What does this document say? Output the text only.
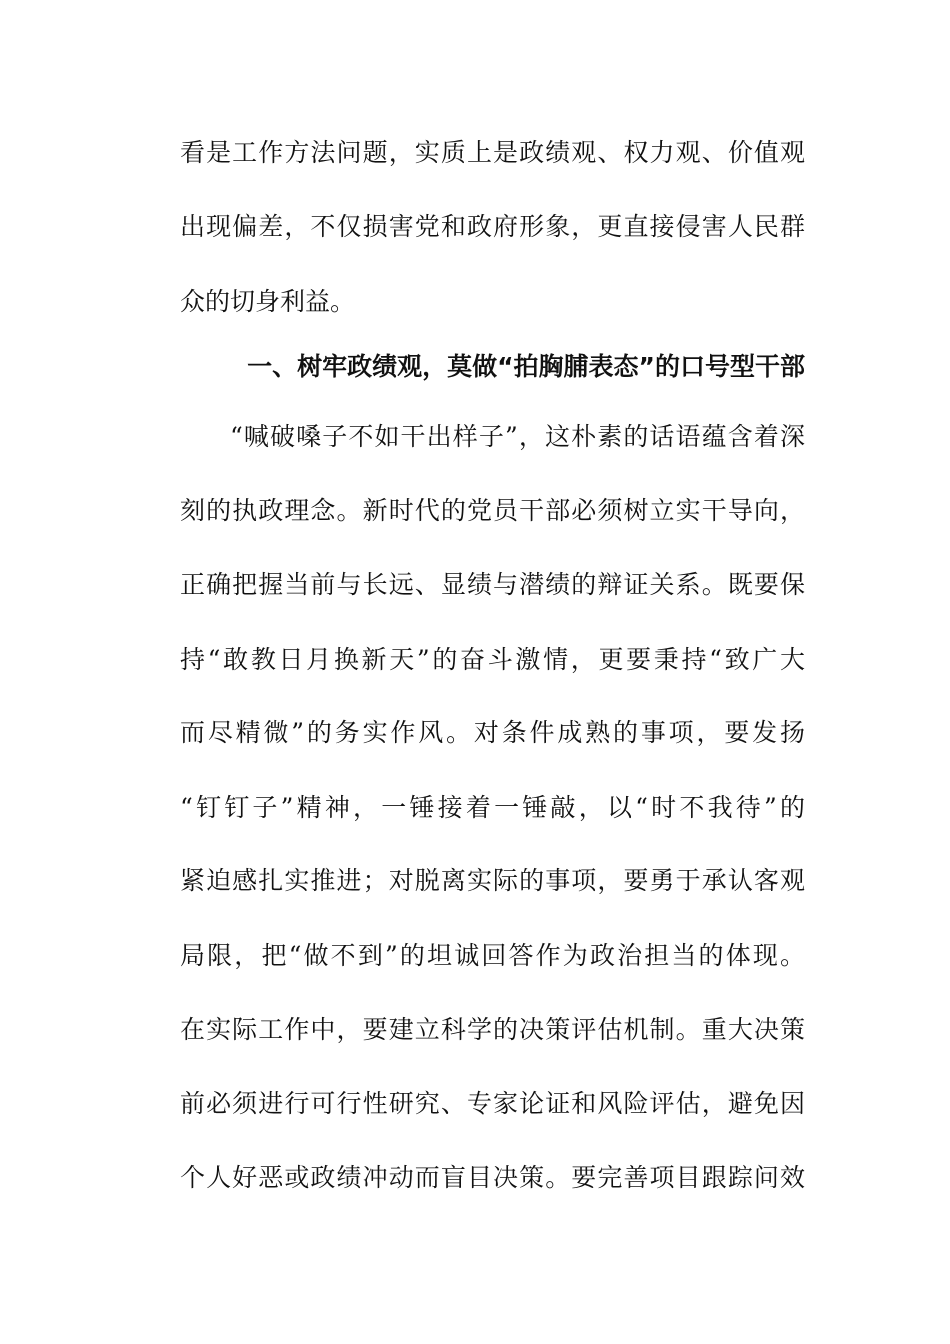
看是工作方法问题，实质上是政绩观、权力观、价值观
出现偏差，不仅损害党和政府形象，更直接侵害人民群
众的切身利益。
一、树牢政绩观，莫做“拍胸脯表态”的口号型干部
“喊破嗓子不如干出样子”，这朴素的话语蕴含着深
刻的执政理念。新时代的党员干部必须树立实干导向，
正确把握当前与长远、显绩与潜绩的辩证关系。既要保
持“敢教日月换新天”的奋斗激情，更要秉持“致广大
而尽精微”的务实作风。对条件成熟的事项，要发扬
“钉钉子”精神，一锤接着一锤敲，以“时不我待”的
紧迫感扎实推进；对脱离实际的事项，要勇于承认客观
局限，把“做不到”的坦诚回答作为政治担当的体现。
在实际工作中，要建立科学的决策评估机制。重大决策
前必须进行可行性研究、专家论证和风险评估，避免因
个人好恶或政绩冲动而盲目决策。要完善项目跟踪问效
